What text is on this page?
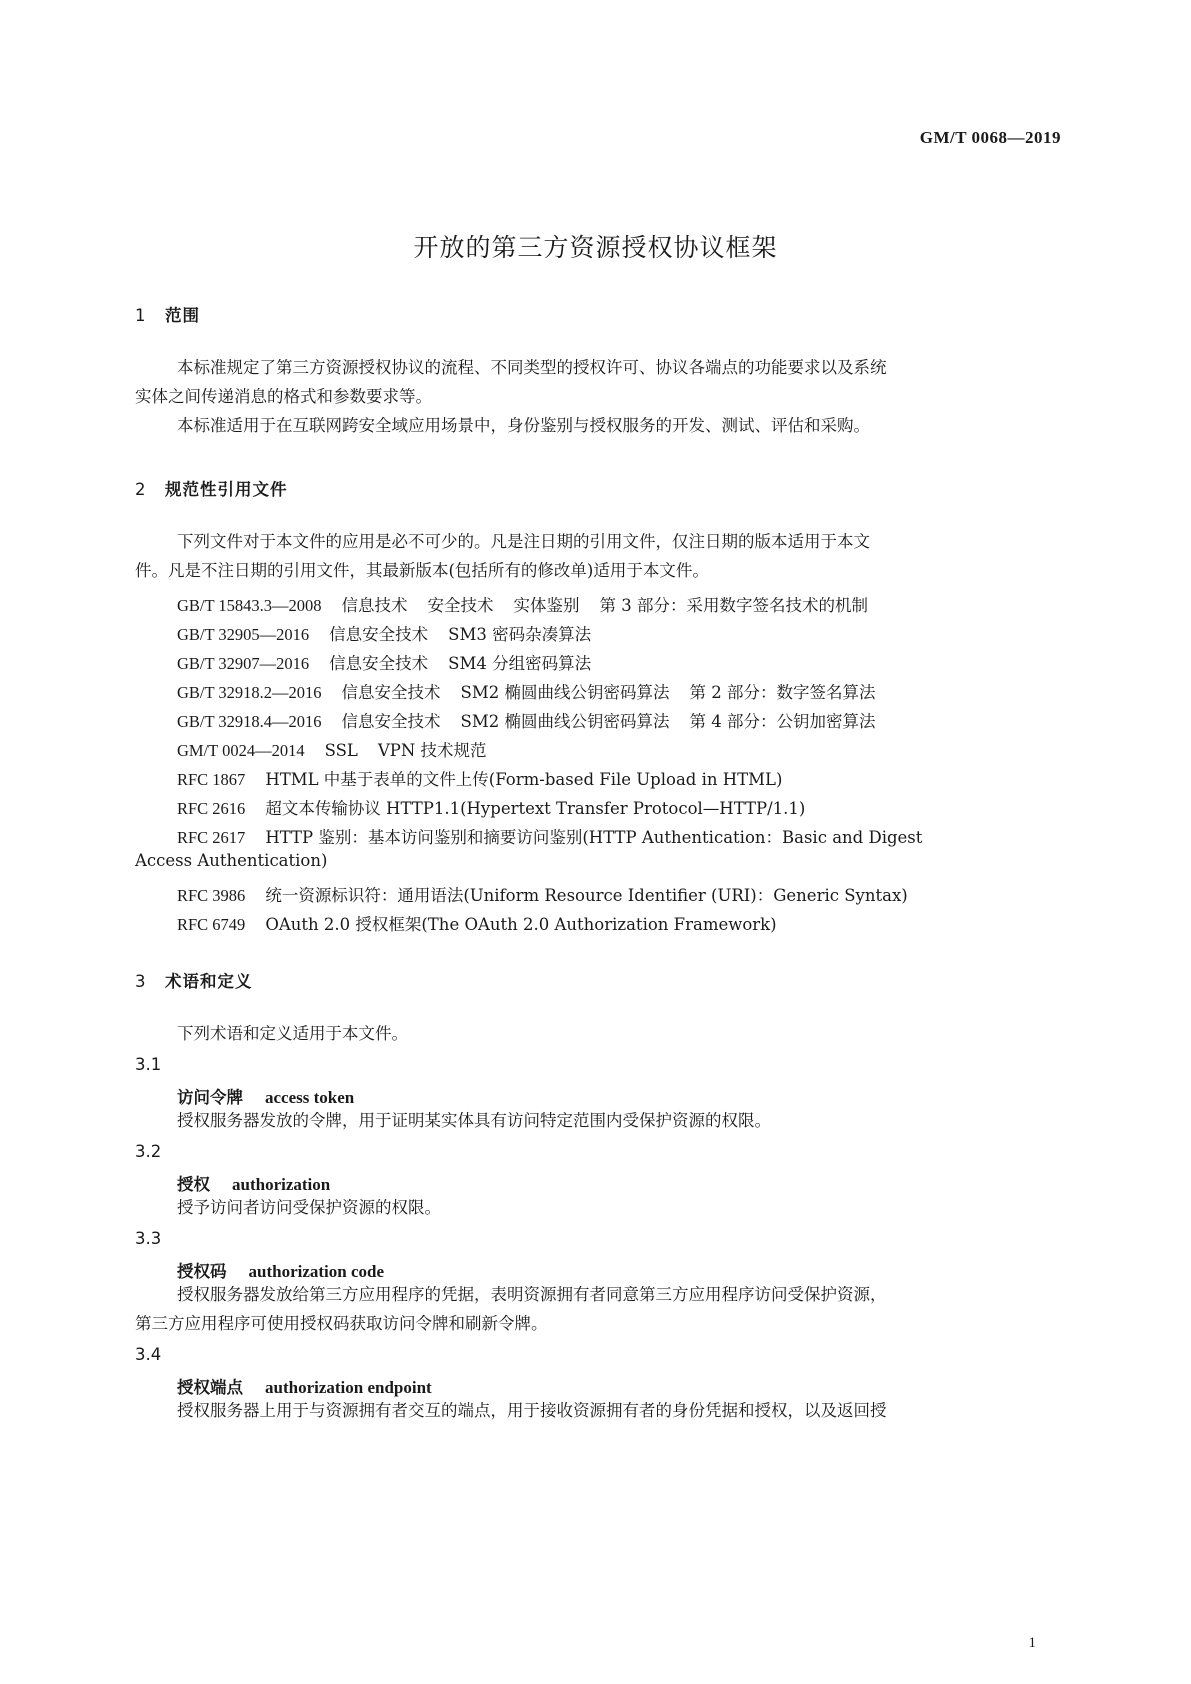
GM/T 0068—2019
开放的第三方资源授权协议框架
1 范围
本标准规定了第三方资源授权协议的流程、不同类型的授权许可、协议各端点的功能要求以及系统
实体之间传递消息的格式和参数要求等。
本标准适用于在互联网跨安全域应用场景中，身份鉴别与授权服务的开发、测试、评估和采购。
2 规范性引用文件
下列文件对于本文件的应用是必不可少的。凡是注日期的引用文件，仅注日期的版本适用于本文
件。凡是不注日期的引用文件，其最新版本(包括所有的修改单)适用于本文件。
GB/T 15843.3—2008 信息技术 安全技术 实体鉴别 第 3 部分：采用数字签名技术的机制
GB/T 32905—2016 信息安全技术 SM3 密码杂凑算法
GB/T 32907—2016 信息安全技术 SM4 分组密码算法
GB/T 32918.2—2016 信息安全技术 SM2 椭圆曲线公钥密码算法 第 2 部分：数字签名算法
GB/T 32918.4—2016 信息安全技术 SM2 椭圆曲线公钥密码算法 第 4 部分：公钥加密算法
GM/T 0024—2014 SSL VPN 技术规范
RFC 1867 HTML 中基于表单的文件上传(Form-based File Upload in HTML)
RFC 2616 超文本传输协议 HTTP1.1(Hypertext Transfer Protocol—HTTP/1.1)
RFC 2617 HTTP 鉴别：基本访问鉴别和摘要访问鉴别(HTTP Authentication：Basic and Digest
Access Authentication)
RFC 3986 统一资源标识符：通用语法(Uniform Resource Identifier (URI)：Generic Syntax)
RFC 6749 OAuth 2.0 授权框架(The OAuth 2.0 Authorization Framework)
3 术语和定义
下列术语和定义适用于本文件。
3.1
访问令牌 access token
授权服务器发放的令牌，用于证明某实体具有访问特定范围内受保护资源的权限。
3.2
授权 authorization
授予访问者访问受保护资源的权限。
3.3
授权码 authorization code
授权服务器发放给第三方应用程序的凭据，表明资源拥有者同意第三方应用程序访问受保护资源，
第三方应用程序可使用授权码获取访问令牌和刷新令牌。
3.4
授权端点 authorization endpoint
授权服务器上用于与资源拥有者交互的端点，用于接收资源拥有者的身份凭据和授权，以及返回授
1
